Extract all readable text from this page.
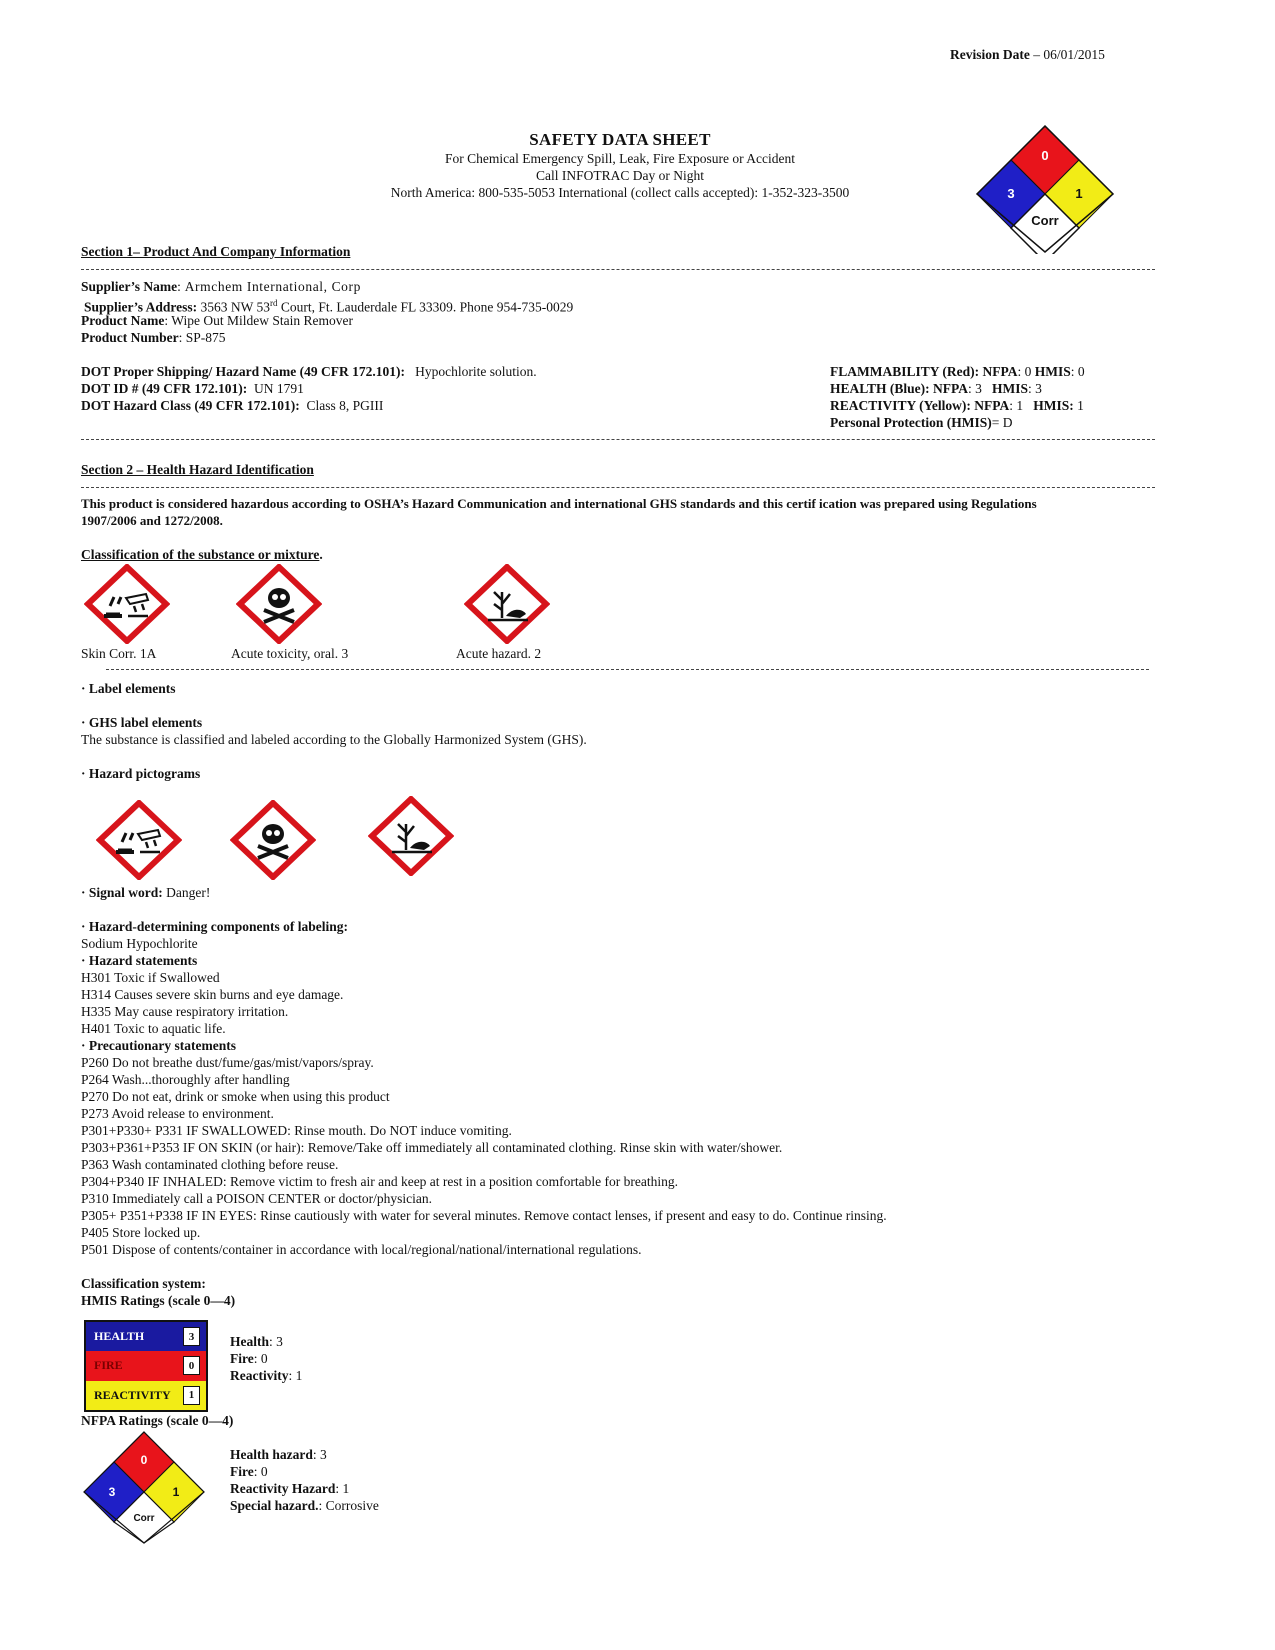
Revision Date – 06/01/2015
SAFETY DATA SHEET
For Chemical Emergency Spill, Leak, Fire Exposure or Accident
Call INFOTRAC Day or Night
North America: 800-535-5053 International (collect calls accepted): 1-352-323-3500
0
3	1
Corr
Section 1– Product And Company Information
Supplier’s Name: Armchem International, Corp
Supplier’s Address: 3563 NW 53rd Court, Ft. Lauderdale FL 33309. Phone 954-735-0029
Product Name: Wipe Out Mildew Stain Remover
Product Number: SP-875
DOT Proper Shipping/ Hazard Name (49 CFR 172.101): Hypochlorite solution.
DOT ID # (49 CFR 172.101): UN 1791
DOT Hazard Class (49 CFR 172.101): Class 8, PGIII
FLAMMABILITY (Red): NFPA: 0 HMIS: 0
HEALTH (Blue): NFPA: 3 HMIS: 3
REACTIVITY (Yellow): NFPA: 1 HMIS: 1
Personal Protection (HMIS)= D
Section 2 – Health Hazard Identification
This product is considered hazardous according to OSHA’s Hazard Communication and international GHS standards and this certif ication was prepared using Regulations
1907/2006 and 1272/2008.
Classification of the substance or mixture.
Skin Corr. 1A	Acute toxicity, oral. 3	Acute hazard. 2
· Label elements
· GHS label elements
The substance is classified and labeled according to the Globally Harmonized System (GHS).
· Hazard pictograms
· Signal word: Danger!
· Hazard-determining components of labeling:
Sodium Hypochlorite
· Hazard statements
H301 Toxic if Swallowed
H314 Causes severe skin burns and eye damage.
H335 May cause respiratory irritation.
H401 Toxic to aquatic life.
· Precautionary statements
P260 Do not breathe dust/fume/gas/mist/vapors/spray.
P264 Wash...thoroughly after handling
P270 Do not eat, drink or smoke when using this product
P273 Avoid release to environment.
P301+P330+ P331 IF SWALLOWED: Rinse mouth. Do NOT induce vomiting.
P303+P361+P353 IF ON SKIN (or hair): Remove/Take off immediately all contaminated clothing. Rinse skin with water/shower.
P363 Wash contaminated clothing before reuse.
P304+P340 IF INHALED: Remove victim to fresh air and keep at rest in a position comfortable for breathing.
P310 Immediately call a POISON CENTER or doctor/physician.
P305+ P351+P338 IF IN EYES: Rinse cautiously with water for several minutes. Remove contact lenses, if present and easy to do. Continue rinsing.
P405 Store locked up.
P501 Dispose of contents/container in accordance with local/regional/national/international regulations.
Classification system:
HMIS Ratings (scale 0—4)
HEALTH	3
FIRE	0
REACTIVITY	1
Health: 3
Fire: 0
Reactivity: 1
NFPA Ratings (scale 0—4)
0
3	1
Corr
Health hazard: 3
Fire: 0
Reactivity Hazard: 1
Special hazard.: Corrosive
